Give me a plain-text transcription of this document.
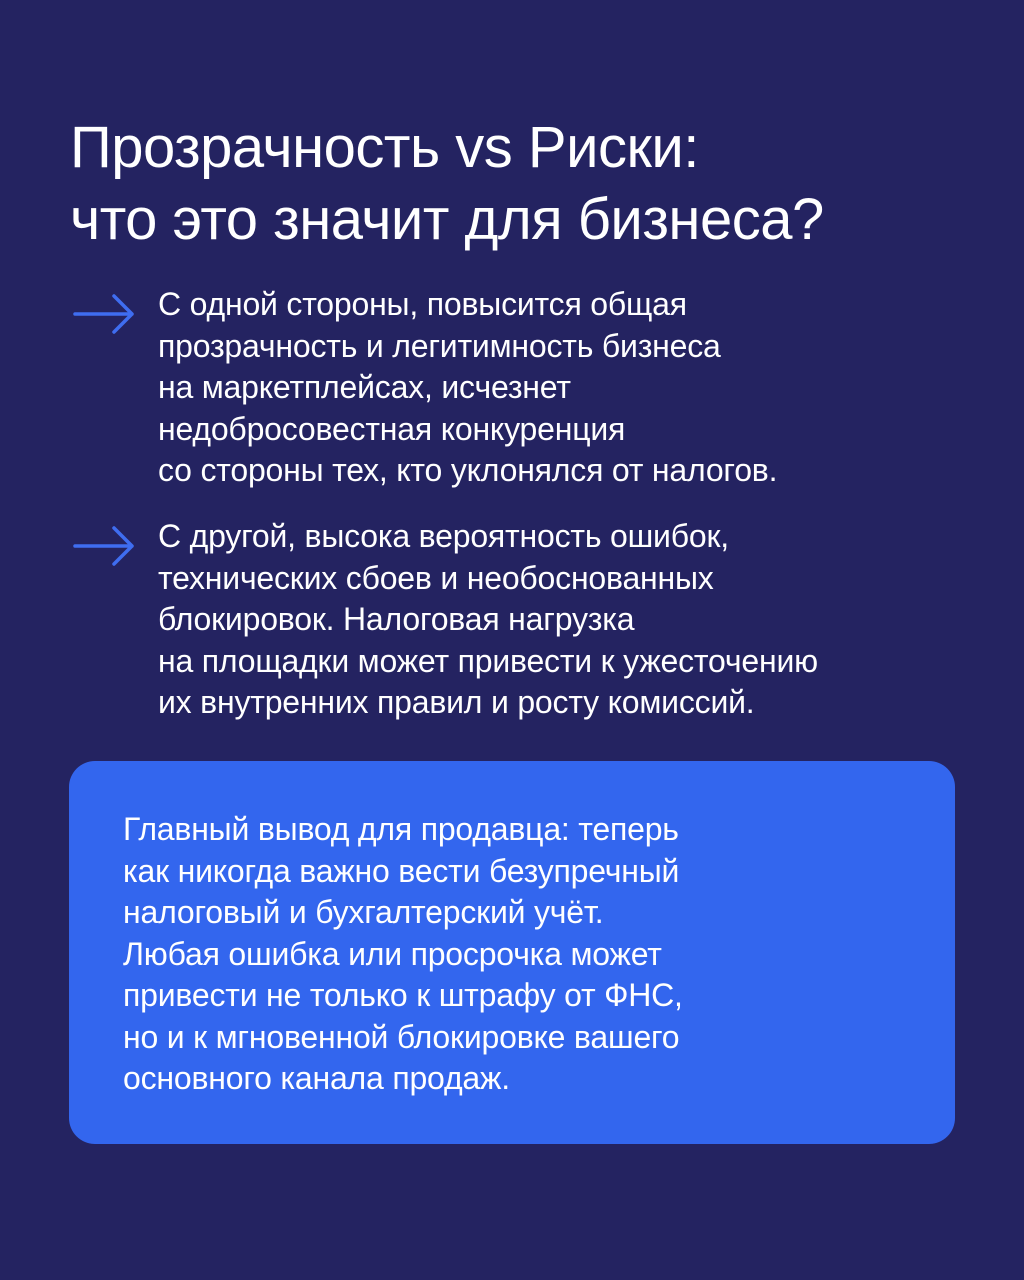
Прозрачность vs Риски:
что это значит для бизнеса?
С одной стороны, повысится общая
прозрачность и легитимность бизнеса
на маркетплейсах, исчезнет
недобросовестная конкуренция
со стороны тех, кто уклонялся от налогов.
С другой, высока вероятность ошибок,
технических сбоев и необоснованных
блокировок. Налоговая нагрузка
на площадки может привести к ужесточению
их внутренних правил и росту комиссий.
Главный вывод для продавца: теперь
как никогда важно вести безупречный
налоговый и бухгалтерский учёт.
Любая ошибка или просрочка может
привести не только к штрафу от ФНС,
но и к мгновенной блокировке вашего
основного канала продаж.
